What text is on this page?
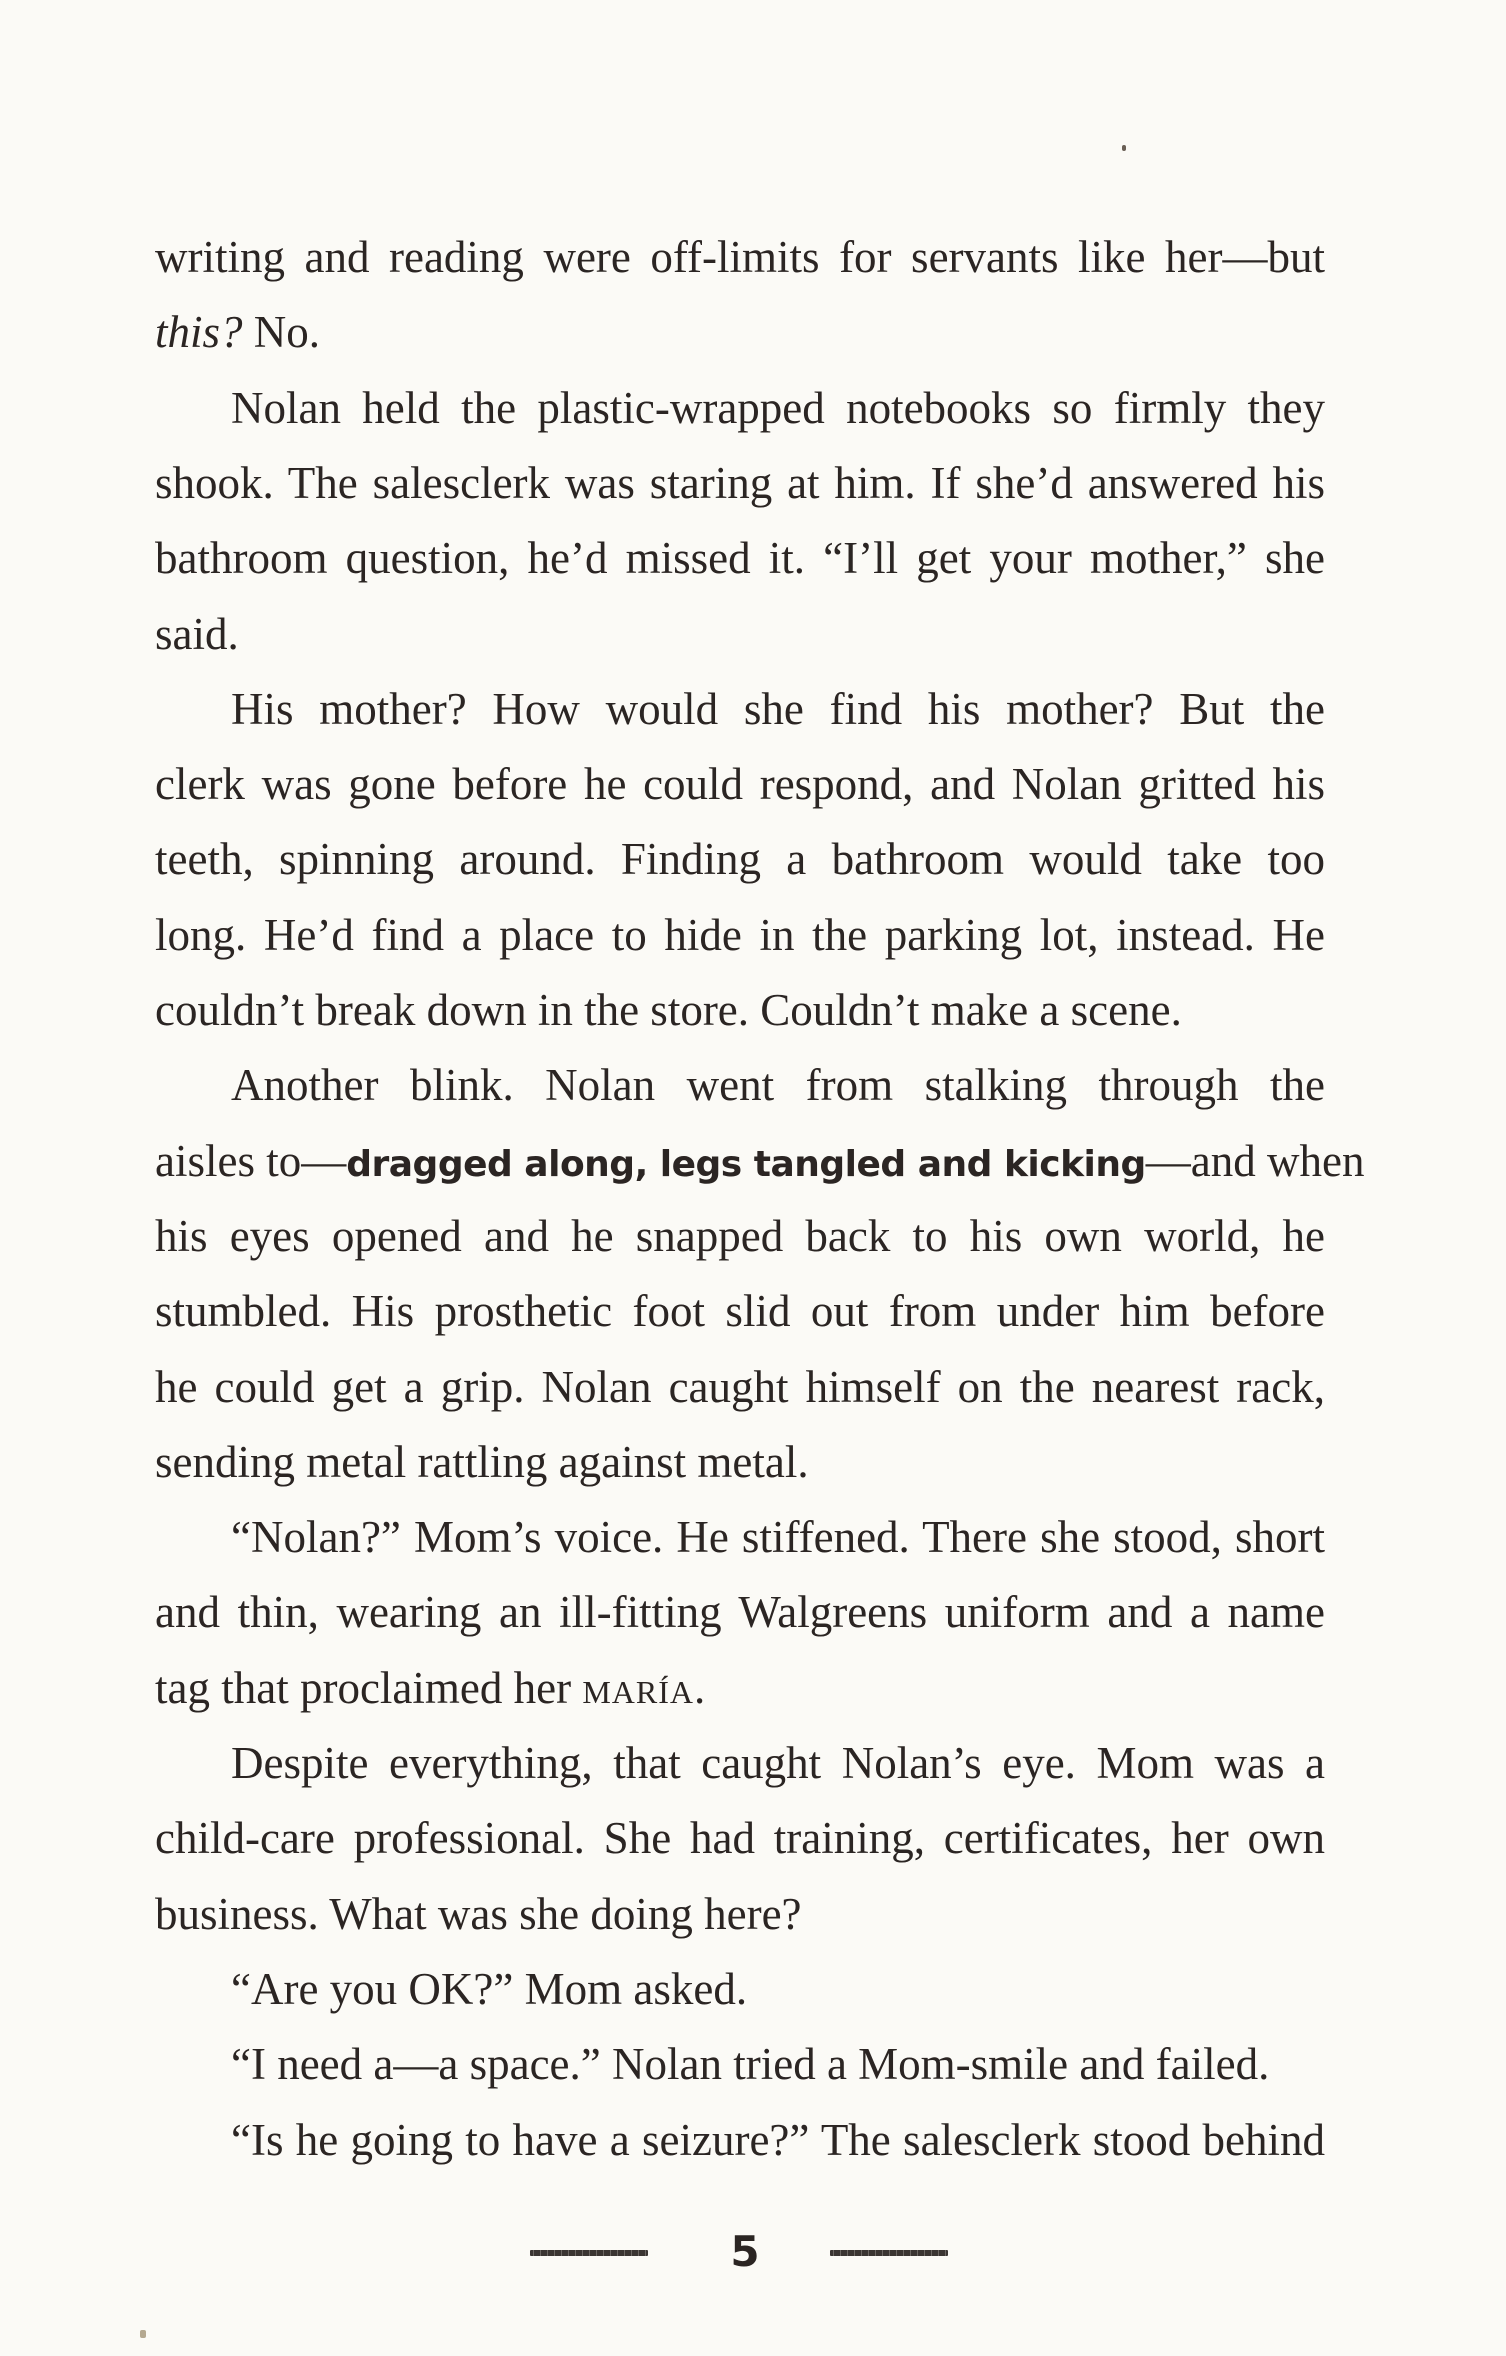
writing and reading were off-limits for servants like her—but
this? No.
Nolan held the plastic-wrapped notebooks so firmly they
shook. The salesclerk was staring at him. If she’d answered his
bathroom question, he’d missed it. “I’ll get your mother,” she
said.
His mother? How would she find his mother? But the
clerk was gone before he could respond, and Nolan gritted his
teeth, spinning around. Finding a bathroom would take too
long. He’d find a place to hide in the parking lot, instead. He
couldn’t break down in the store. Couldn’t make a scene.
Another blink. Nolan went from stalking through the
aisles to—dragged along, legs tangled and kicking—and when
his eyes opened and he snapped back to his own world, he
stumbled. His prosthetic foot slid out from under him before
he could get a grip. Nolan caught himself on the nearest rack,
sending metal rattling against metal.
“Nolan?” Mom’s voice. He stiffened. There she stood, short
and thin, wearing an ill-fitting Walgreens uniform and a name
tag that proclaimed her maría.
Despite everything, that caught Nolan’s eye. Mom was a
child-care professional. She had training, certificates, her own
business. What was she doing here?
“Are you OK?” Mom asked.
“I need a—a space.” Nolan tried a Mom-smile and failed.
“Is he going to have a seizure?” The salesclerk stood behind
5
